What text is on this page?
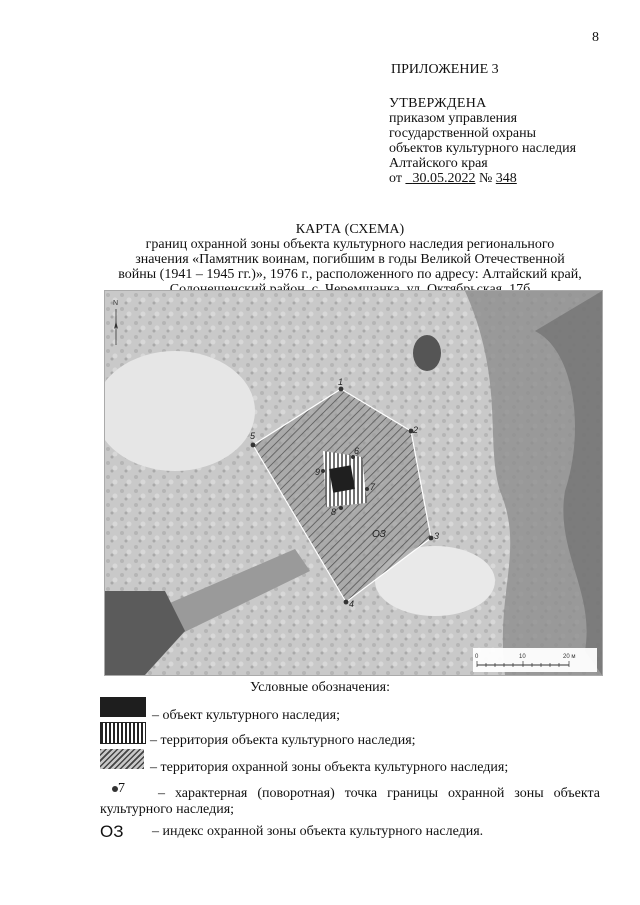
8
ПРИЛОЖЕНИЕ 3
УТВЕРЖДЕНА
приказом управления
государственной охраны
объектов культурного наследия
Алтайского края
от 30.05.2022 № 348
КАРТА (СХЕМА)
границ охранной зоны объекта культурного наследия регионального
значения «Памятник воинам, погибшим в годы Великой Отечественной
войны (1941 – 1945 гг.)», 1976 г., расположенного по адресу: Алтайский край,
1
2
3
4
5
6
7
8
9
ОЗ
N
0	10	20 м
Условные обозначения:
– объект культурного наследия;
– территория объекта культурного наследия;
– территория охранной зоны объекта культурного наследия;
7	– характерная (поворотная) точка границы охранной зоны объекта культурного наследия;
ОЗ – индекс охранной зоны объекта культурного наследия.
